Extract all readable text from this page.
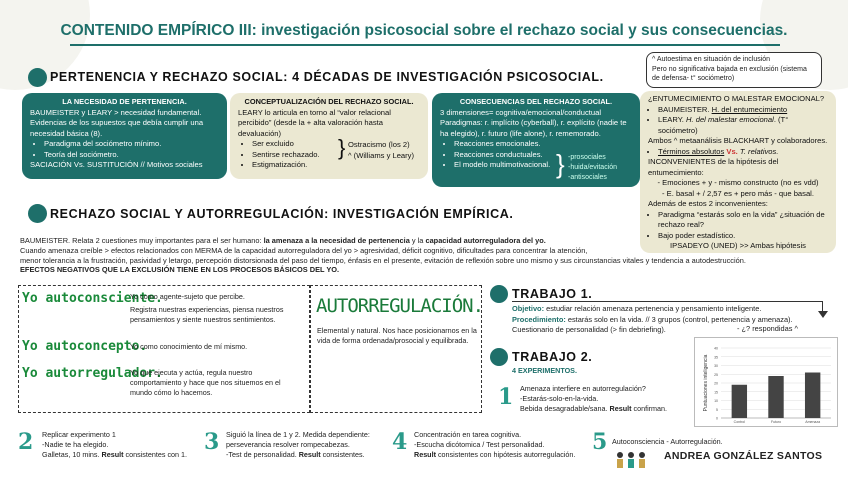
CONTENIDO EMPÍRICO III: investigación psicosocial sobre el rechazo social y sus consecuencias.
^ Autoestima en situación de inclusión
Pero no significativa bajada en exclusión (sistema de defensa- t° sociómetro)
PERTENENCIA Y RECHAZO SOCIAL: 4 DÉCADAS DE INVESTIGACIÓN PSICOSOCIAL.
LA NECESIDAD DE PERTENENCIA.
BAUMEISTER y LEARY > necesidad fundamental.
Evidencias de los supuestos que debía cumplir una necesidad básica (8).
• Paradigma del sociómetro mínimo.
• Teoría del sociómetro.
SACIACIÓN Vs. SUSTITUCIÓN // Motivos sociales
CONCEPTUALIZACIÓN DEL RECHAZO SOCIAL.
LEARY lo articula en torno al “valor relacional percibido” (desde la + alta valoración hasta devaluación)
• Ser excluido
• Sentirse rechazado.
• Estigmatización.
} Ostracismo (los 2)
^ (Williams y Leary)
CONSECUENCIAS DEL RECHAZO SOCIAL.
3 dimensiones= cognitiva/emocional/conductual
Paradigmas: r. implícito (cyberball), r. explícito (nadie te ha elegido), r. futuro (life alone), r. rememorado.
• Reacciones emocionales.
• Reacciones conductuales.
• El modelo multimotivacional. } -prosociales
-huida/evitación
-antisociales
¿ENTUMECIMIENTO O MALESTAR EMOCIONAL?
• BAUMEISTER. H. del entumecimiento
• LEARY. H. del malestar emocional. (T° sociómetro)
Ambos ^ metaanálisis BLACKHART y colaboradores.
• Términos absolutos Vs. T. relativos.
INCONVENIENTES de la hipótesis del entumecimiento:
- Emociones + y - mismo constructo (no es vdd)
- E. basal + / 2,57 es + pero más - que basal.
Además de estos 2 inconvenientes:
• Paradigma “estarás solo en la vida” ¿situación de rechazo real?
• Bajo poder estadístico.
IPSADEYO (UNED) >> Ambas hipótesis
RECHAZO SOCIAL Y AUTORREGULACIÓN: INVESTIGACIÓN EMPÍRICA.
BAUMEISTER. Relata 2 cuestiones muy importantes para el ser humano: la amenaza a la necesidad de pertenencia y la capacidad autorreguladora del yo.
Cuando amenaza creíble > efectos relacionados con MERMA de la capacidad autorreguladora del yo > agresividad, déficit cognitivo, dificultades para concentrar la atención,
menor tolerancia a la frustración, pasividad y letargo, percepción distorsionada del paso del tiempo, énfasis en el presente, evitación de reflexión sobre uno mismo y sus circunstancias vitales y tendencia a autodestrucción.
EFECTOS NEGATIVOS QUE LA EXCLUSIÓN TIENE EN LOS PROCESOS BÁSICOS DEL YO.
Yo autoconsciente.
Yo como agente-sujeto que percibe.
Registra nuestras experiencias, piensa nuestros pensamientos y siente nuestros sentimientos.
Yo autoconcepto.
Yo como conocimiento de mí mismo.
Yo autorregulador.
Yo que ejecuta y actúa, regula nuestro comportamiento y hace que nos situemos en el mundo cómo lo hacemos.
AUTORREGULACIÓN.
Elemental y natural. Nos hace posicionarnos en la vida de forma ordenada/prosocial y equilibrada.
TRABAJO 1.
Objetivo: estudiar relación amenaza pertenencia y pensamiento inteligente.
Procedimiento: estarás solo en la vida. // 3 grupos (control, pertenencia y amenaza).
Cuestionario de personalidad (> fin debriefing).	- ¿? respondidas ^
TRABAJO 2.
4 EXPERIMENTOS.
1 Amenaza interfiere en autorregulación?
-Estarás-solo-en-la-vida.
Bebida desagradable/sana. Result confirman.
0
5
10
15
20
25
30
35
40
Puntuaciones inteligencia
Control	Futuro	Amenaza
2 Replicar experimento 1
-Nadie te ha elegido.
Galletas, 10 mins. Result consistentes con 1. 3 Siguió la línea de 1 y 2. Medida dependiente:
perseverancia resolver rompecabezas.
-Test de personalidad. Result consistentes. 4 Concentración en tarea cognitiva.
-Escucha dicótomica / Test personalidad.
Result consistentes con hipótesis autorregulación. 5 Autoconsciencia - Autorregulación.
ANDREA GONZÁLEZ SANTOS
